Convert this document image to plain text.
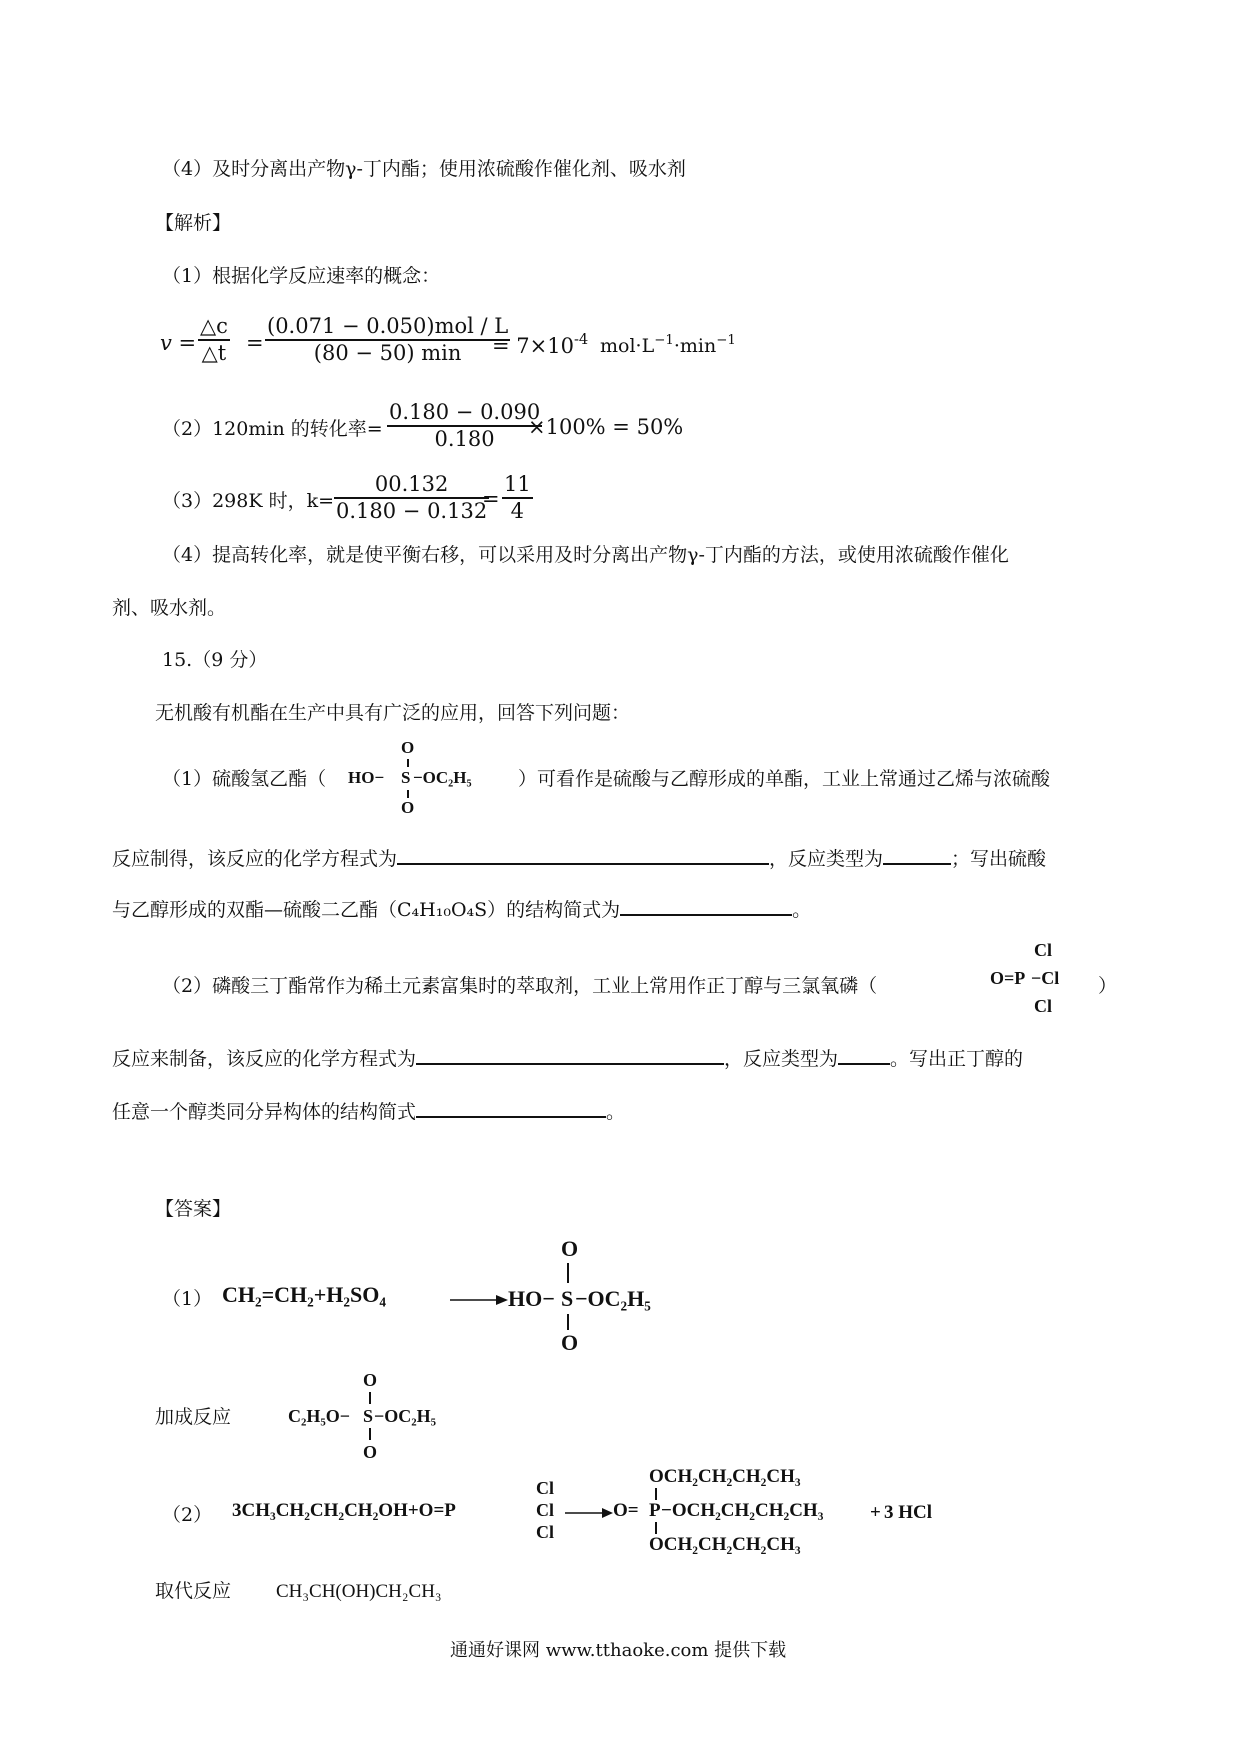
（4）及时分离出产物γ-丁内酯；使用浓硫酸作催化剂、吸水剂
【解析】
（1）根据化学反应速率的概念：
v =
△c
△t =
(0.071 − 0.050)mol / L
(80 − 50) $\min = 7\times 10^{-4}$ $mol\cdot L^{-1}\cdot\min^{-1}$
（2）120min 的转化率=
0.180 − 0.090
0.180 ×100% = 50%
（3）298K 时，k=
00.132
0.180 − 0.132
=
11
4
（4）提高转化率，就是使平衡右移，可以采用及时分离出产物γ-丁内酯的方法，或使用浓硫酸作催化
剂、吸水剂。
15.（9 分）
无机酸有机酯在生产中具有广泛的应用，回答下列问题：
（1）硫酸氢乙酯（
O
HO− S −OC₂H₅
O
）可看作是硫酸与乙醇形成的单酯，工业上常通过乙烯与浓硫酸
反应制得，该反应的化学方程式为	，反应类型为	；写出硫酸
与乙醇形成的双酯—硫酸二乙酯（C₄H₁₀O₄S）的结构简式为	。
（2）磷酸三丁酯常作为稀土元素富集时的萃取剂，工业上常用作正丁醇与三氯氧磷（
Cl
O=P −Cl
Cl
）
反应来制备，该反应的化学方程式为	，反应类型为	。写出正丁醇的
任意一个醇类同分异构体的结构简式	。
【答案】
（1） CH₂=CH₂+H₂SO₄
O
HO− S −OC₂H₅
O
加成反应
O
C₂H₅O− S −OC₂H₅
O
（2） 3CH₃CH₂CH₂CH₂OH+O=P
Cl
Cl
Cl
OCH₂CH₂CH₂CH₃
O= P −OCH₂CH₂CH₂CH₃
OCH₂CH₂CH₂CH₃
+ 3 HCl
取代反应 CH₃CH(OH)CH₂CH₃
通通好课网 www.tthaoke.com 提供下载
